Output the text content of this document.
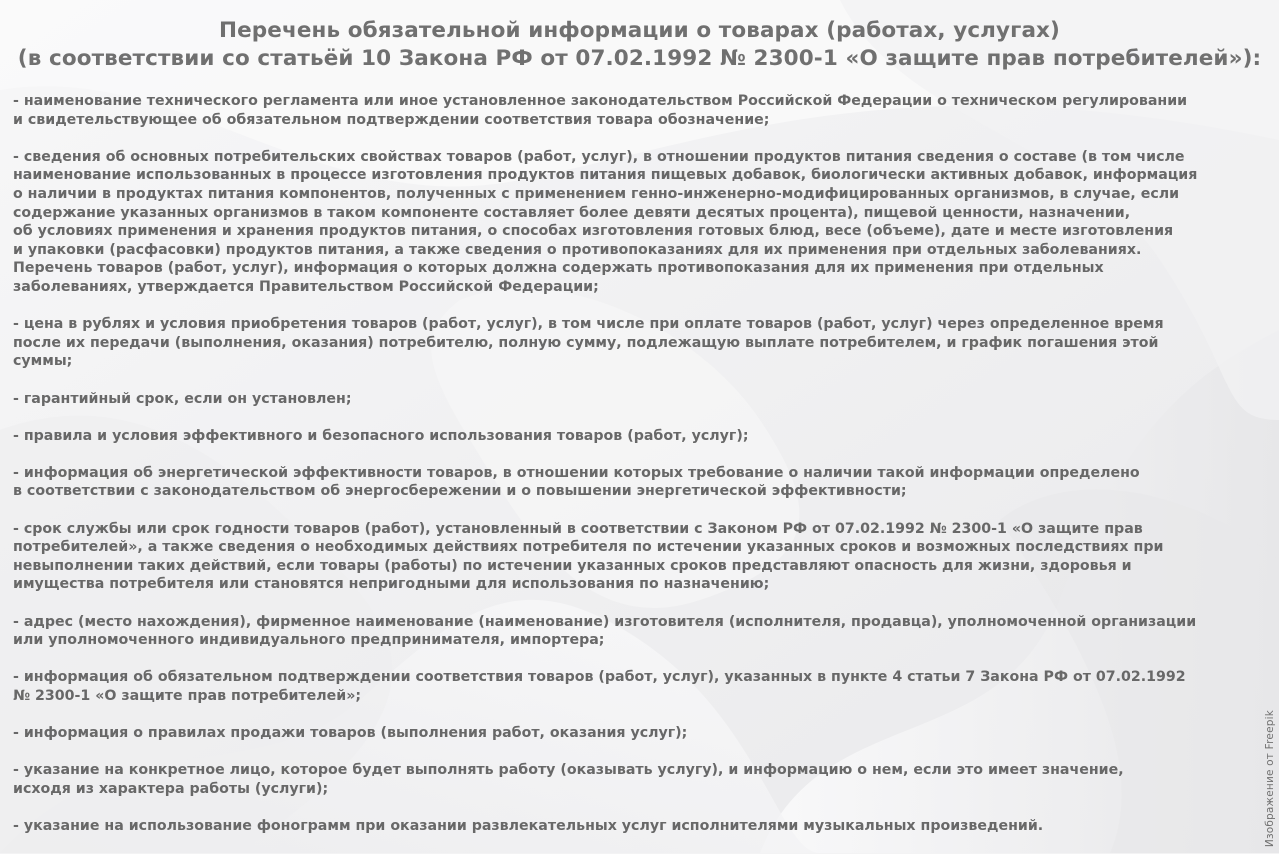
Перечень обязательной информации о товарах (работах, услугах)
(в соответствии со статьёй 10 Закона РФ от 07.02.1992 № 2300-1 «О защите прав потребителей»):
- наименование технического регламента или иное установленное законодательством Российской Федерации о техническом регулировании
и свидетельствующее об обязательном подтверждении соответствия товара обозначение;
- сведения об основных потребительских свойствах товаров (работ, услуг), в отношении продуктов питания сведения о составе (в том числе
наименование использованных в процессе изготовления продуктов питания пищевых добавок, биологически активных добавок, информация
о наличии в продуктах питания компонентов, полученных с применением генно-инженерно-модифицированных организмов, в случае, если
содержание указанных организмов в таком компоненте составляет более девяти десятых процента), пищевой ценности, назначении,
об условиях применения и хранения продуктов питания, о способах изготовления готовых блюд, весе (объеме), дате и месте изготовления
и упаковки (расфасовки) продуктов питания, а также сведения о противопоказаниях для их применения при отдельных заболеваниях.
Перечень товаров (работ, услуг), информация о которых должна содержать противопоказания для их применения при отдельных
заболеваниях, утверждается Правительством Российской Федерации;
- цена в рублях и условия приобретения товаров (работ, услуг), в том числе при оплате товаров (работ, услуг) через определенное время
после их передачи (выполнения, оказания) потребителю, полную сумму, подлежащую выплате потребителем, и график погашения этой
суммы;
- гарантийный срок, если он установлен;
- правила и условия эффективного и безопасного использования товаров (работ, услуг);
- информация об энергетической эффективности товаров, в отношении которых требование о наличии такой информации определено
в соответствии с законодательством об энергосбережении и о повышении энергетической эффективности;
- срок службы или срок годности товаров (работ), установленный в соответствии с Законом РФ от 07.02.1992 № 2300-1 «О защите прав
потребителей», а также сведения о необходимых действиях потребителя по истечении указанных сроков и возможных последствиях при
невыполнении таких действий, если товары (работы) по истечении указанных сроков представляют опасность для жизни, здоровья и
имущества потребителя или становятся непригодными для использования по назначению;
- адрес (место нахождения), фирменное наименование (наименование) изготовителя (исполнителя, продавца), уполномоченной организации
или уполномоченного индивидуального предпринимателя, импортера;
- информация об обязательном подтверждении соответствия товаров (работ, услуг), указанных в пункте 4 статьи 7 Закона РФ от 07.02.1992
№ 2300-1 «О защите прав потребителей»;
- информация о правилах продажи товаров (выполнения работ, оказания услуг);
- указание на конкретное лицо, которое будет выполнять работу (оказывать услугу), и информацию о нем, если это имеет значение,
исходя из характера работы (услуги);
- указание на использование фонограмм при оказании развлекательных услуг исполнителями музыкальных произведений.	Изображение от Freepik
